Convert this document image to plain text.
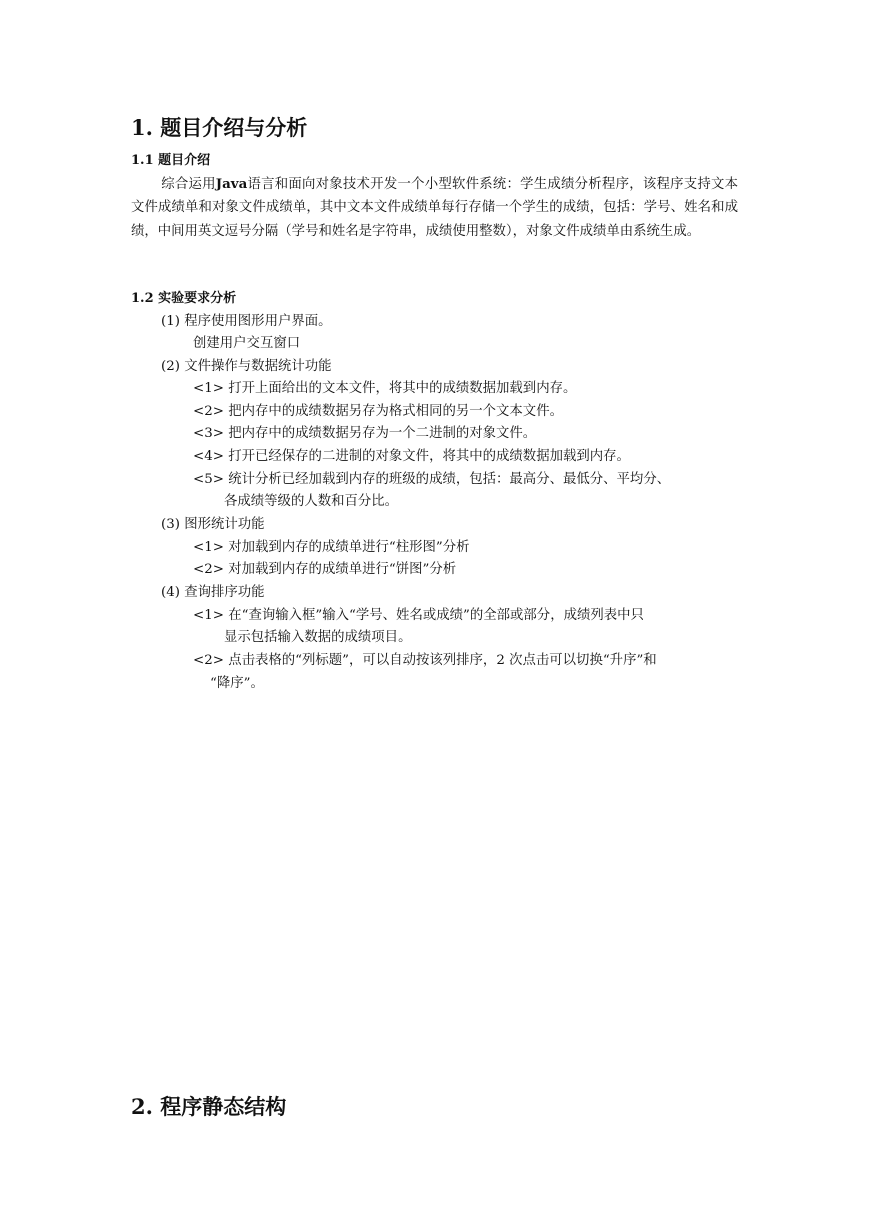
1. 题目介绍与分析
1.1 题目介绍
综合运用Java语言和面向对象技术开发一个小型软件系统：学生成绩分析程序，该程序支持文本文件成绩单和对象文件成绩单，其中文本文件成绩单每行存储一个学生的成绩，包括：学号、姓名和成绩，中间用英文逗号分隔（学号和姓名是字符串，成绩使用整数），对象文件成绩单由系统生成。
1.2 实验要求分析
(1) 程序使用图形用户界面。
创建用户交互窗口
(2) 文件操作与数据统计功能
<1> 打开上面给出的文本文件，将其中的成绩数据加载到内存。
<2> 把内存中的成绩数据另存为格式相同的另一个文本文件。
<3> 把内存中的成绩数据另存为一个二进制的对象文件。
<4> 打开已经保存的二进制的对象文件，将其中的成绩数据加载到内存。
<5> 统计分析已经加载到内存的班级的成绩，包括：最高分、最低分、平均分、
各成绩等级的人数和百分比。
(3) 图形统计功能
<1> 对加载到内存的成绩单进行“柱形图”分析
<2> 对加载到内存的成绩单进行“饼图”分析
(4) 查询排序功能
<1> 在“查询输入框”输入“学号、姓名或成绩”的全部或部分，成绩列表中只
显示包括输入数据的成绩项目。
<2> 点击表格的“列标题”，可以自动按该列排序，2 次点击可以切换“升序”和
“降序”。
2. 程序静态结构
